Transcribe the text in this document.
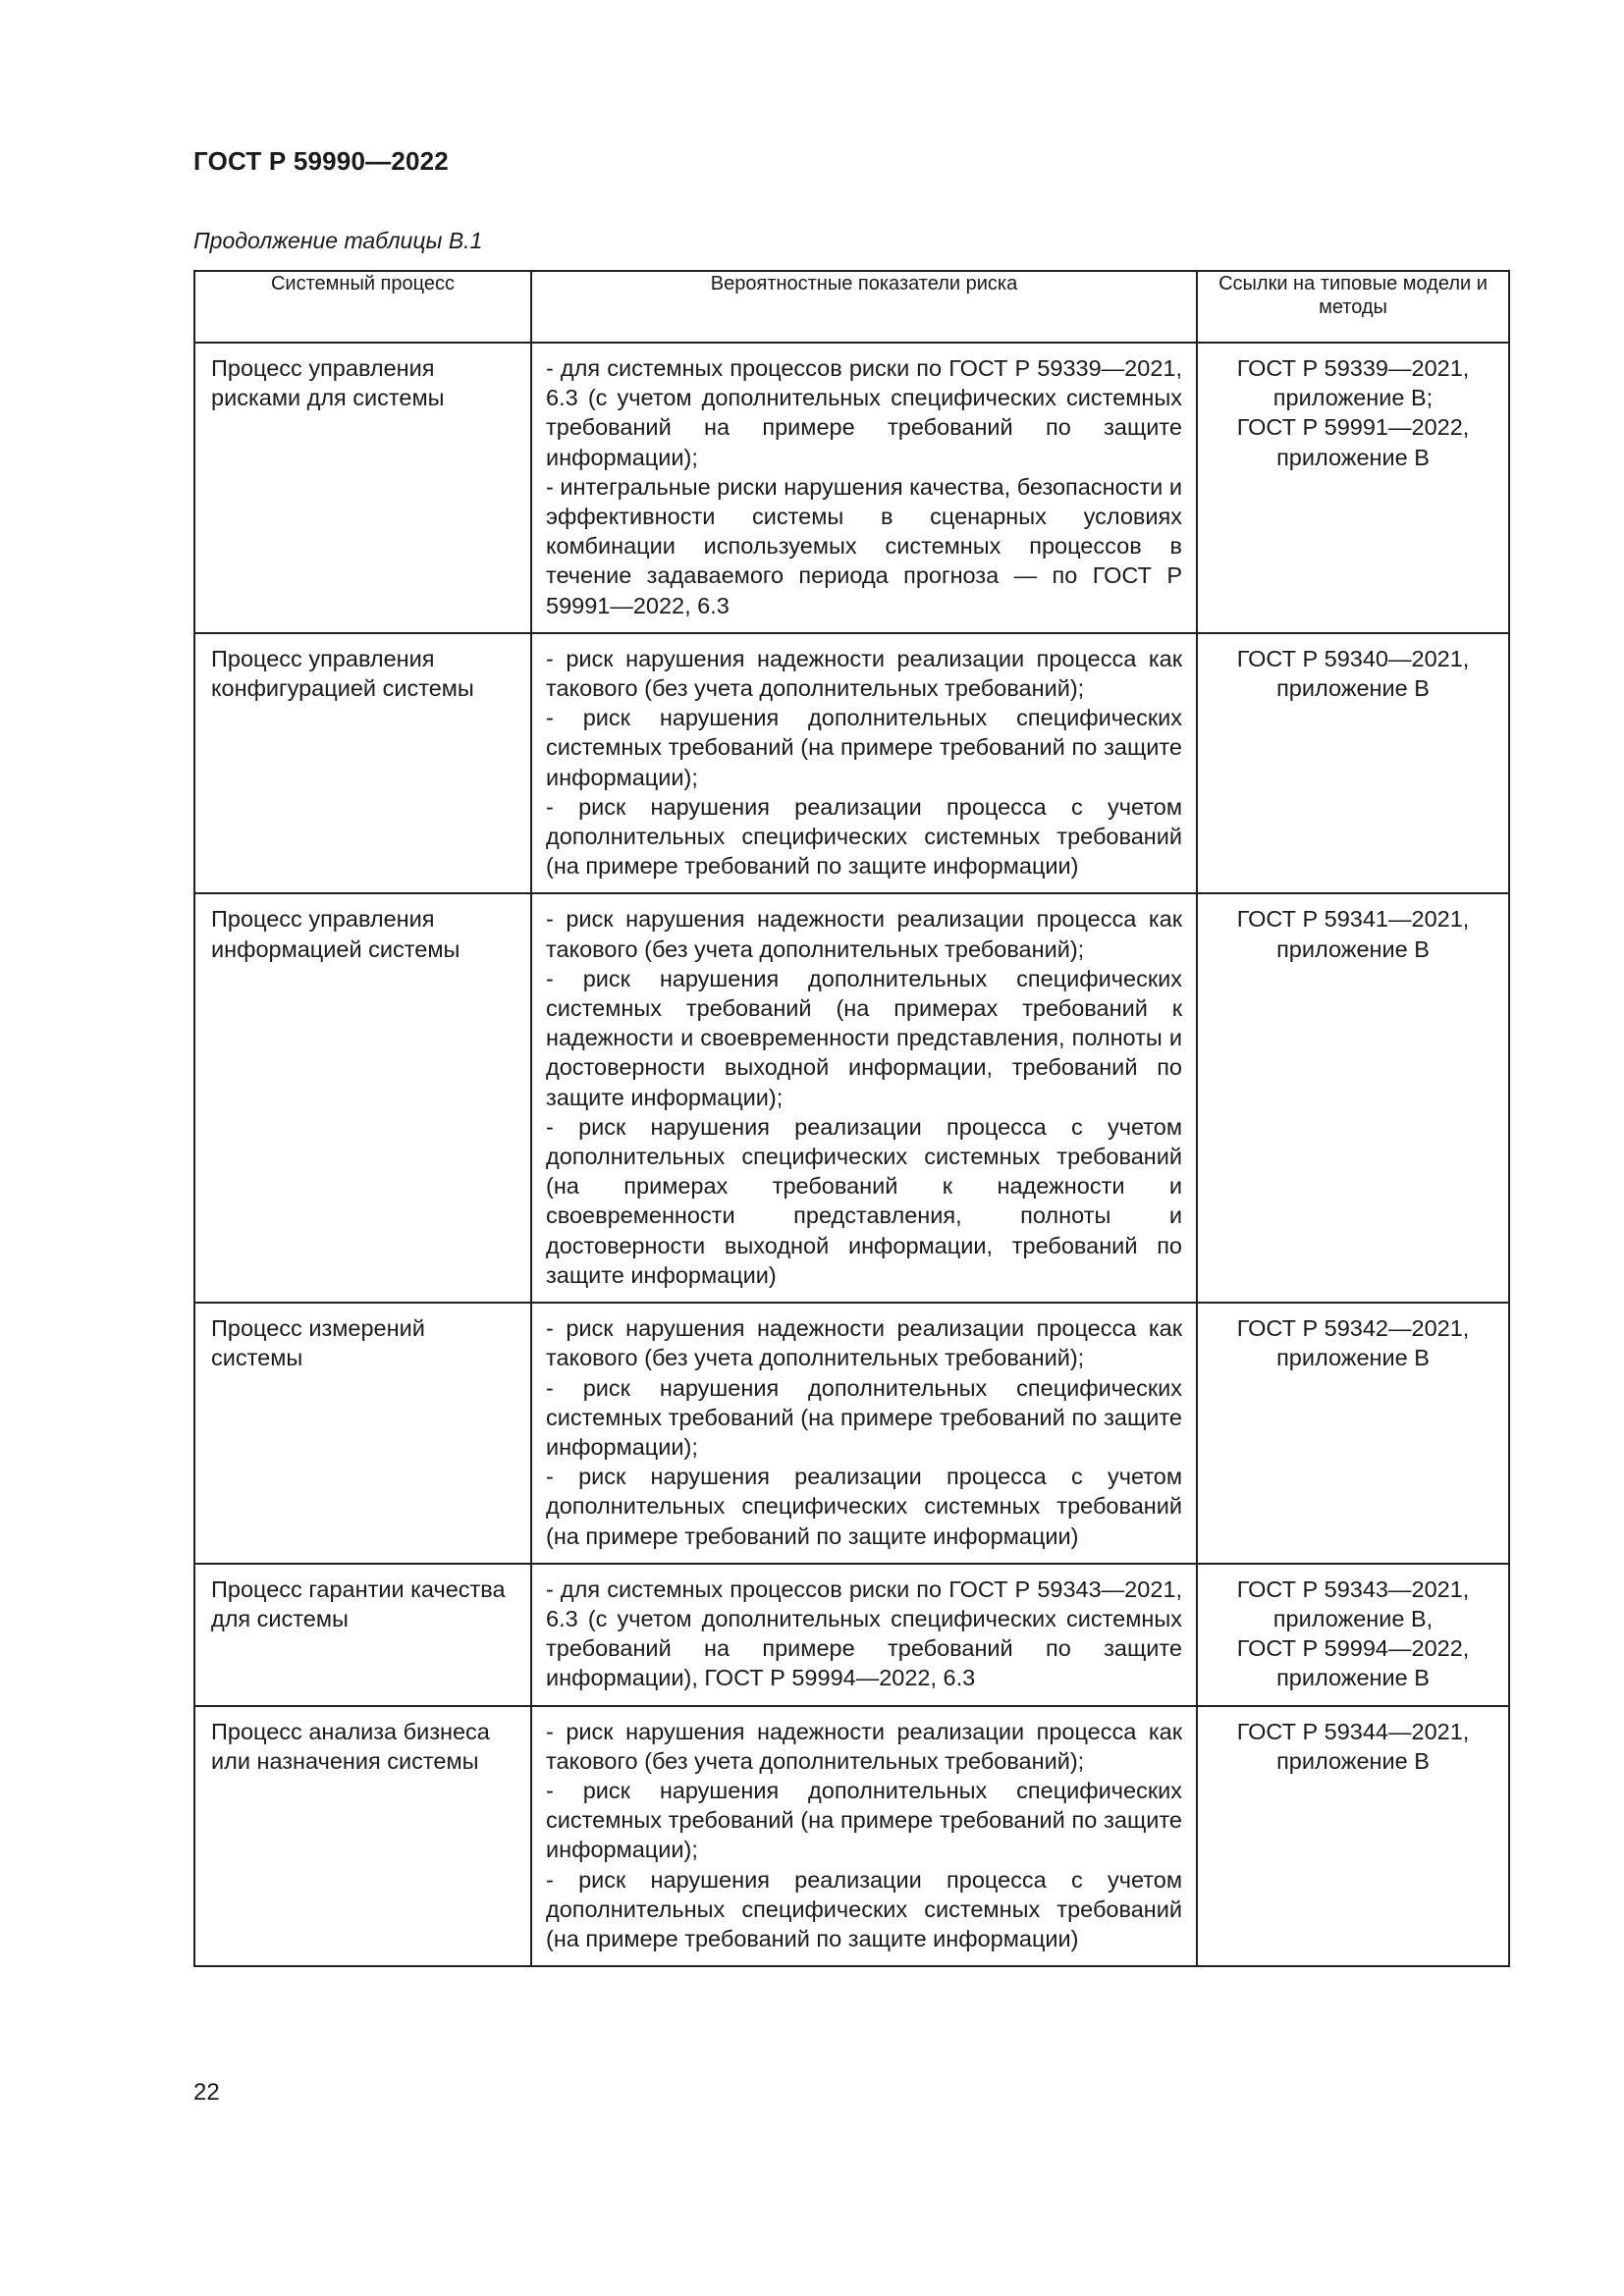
ГОСТ Р 59990—2022
Продолжение таблицы В.1
Системный процесс	Вероятностные показатели риска	Ссылки на типовые модели и методы
Процесс управления рисками для системы	- для системных процессов риски по ГОСТ Р 59339—2021, 6.3 (с учетом дополнительных специфических системных требований на примере требований по защите информации);
- интегральные риски нарушения качества, безопасности и эффективности системы в сценарных условиях комбинации используемых системных процессов в течение задаваемого периода прогноза — по ГОСТ Р 59991—2022, 6.3	ГОСТ Р 59339—2021, приложение В;
ГОСТ Р 59991—2022, приложение В

Процесс управления конфигурацией системы	- риск нарушения надежности реализации процесса как такового (без учета дополнительных требований);
- риск нарушения дополнительных специфических системных требований (на примере требований по защите информации);
- риск нарушения реализации процесса с учетом дополнительных специфических системных требований (на примере требований по защите информации)	ГОСТ Р 59340—2021, приложение В

Процесс управления информацией системы	- риск нарушения надежности реализации процесса как такового (без учета дополнительных требований);
- риск нарушения дополнительных специфических системных требований (на примерах требований к надежности и своевременности представления, полноты и достоверности выходной информации, требований по защите информации);
- риск нарушения реализации процесса с учетом дополнительных специфических системных требований (на примерах требований к надежности и своевременности представления, полноты и достоверности выходной информации, требований по защите информации)	ГОСТ Р 59341—2021, приложение В

Процесс измерений системы	- риск нарушения надежности реализации процесса как такового (без учета дополнительных требований);
- риск нарушения дополнительных специфических системных требований (на примере требований по защите информации);
- риск нарушения реализации процесса с учетом дополнительных специфических системных требований (на примере требований по защите информации)	ГОСТ Р 59342—2021, приложение В

Процесс гарантии качества для системы	- для системных процессов риски по ГОСТ Р 59343—2021, 6.3 (с учетом дополнительных специфических системных требований на примере требований по защите информации), ГОСТ Р 59994—2022, 6.3	ГОСТ Р 59343—2021, приложение В,
ГОСТ Р 59994—2022, приложение В

Процесс анализа бизнеса или назначения системы	- риск нарушения надежности реализации процесса как такового (без учета дополнительных требований);
- риск нарушения дополнительных специфических системных требований (на примере требований по защите информации);
- риск нарушения реализации процесса с учетом дополнительных специфических системных требований (на примере требований по защите информации)	ГОСТ Р 59344—2021, приложение В
22
